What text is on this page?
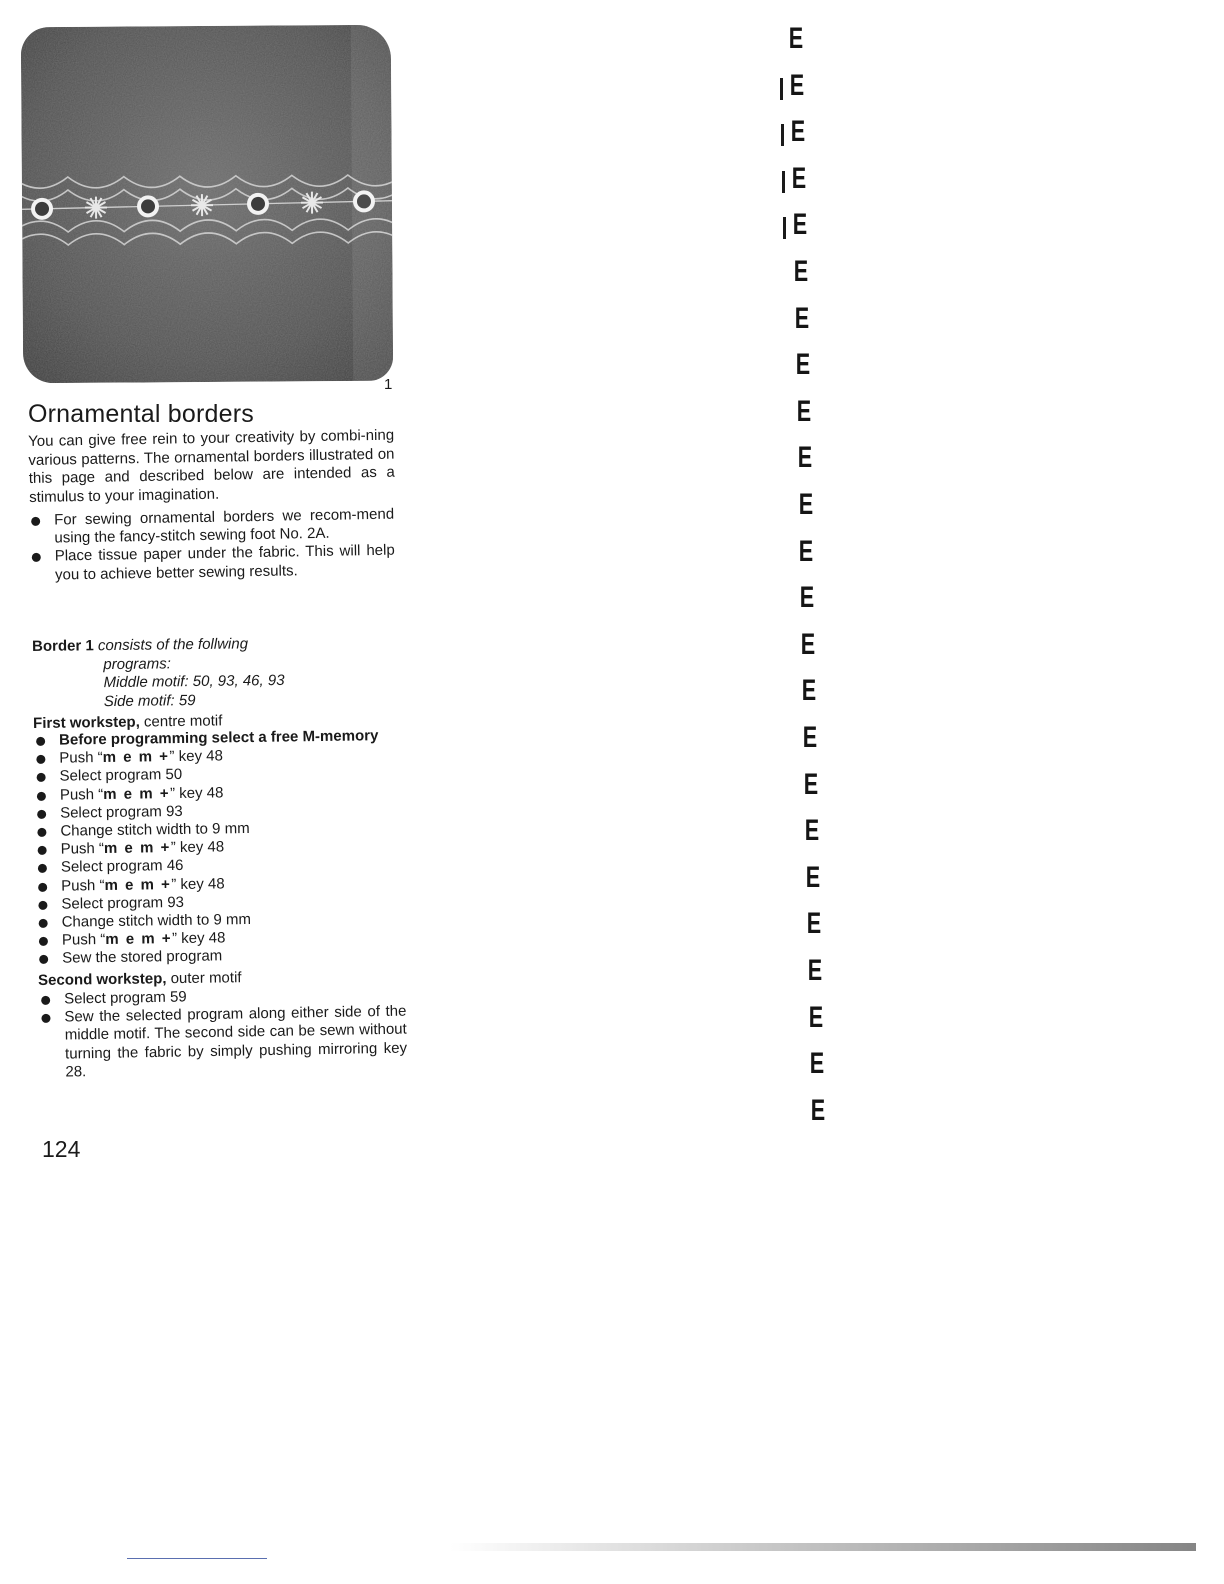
1
Ornamental borders

You can give free rein to your creativity by combi-ning various patterns. The ornamental borders illustrated on this page and described below are intended as a stimulus to your imagination.

For sewing ornamental borders we recom-mend using the fancy-stitch sewing foot No. 2A.
Place tissue paper under the fabric. This will help you to achieve better sewing results.
Border 1 consists of the follwing
programs:
Middle motif: 50, 93, 46, 93
Side motif: 59
First workstep, centre motif
Before programming select a free M-memory
Push “m e m +” key 48
Select program 50
Push “m e m +” key 48
Select program 93
Change stitch width to 9 mm
Push “m e m +” key 48
Select program 46
Push “m e m +” key 48
Select program 93
Change stitch width to 9 mm
Push “m e m +” key 48
Sew the stored program
Second workstep, outer motif
Select program 59
Sew the selected program along either side of the middle motif. The second side can be sewn without turning the fabric by simply pushing mirroring key 28.
124
E
E
E
E
E
E
E
E
E
E
E
E
E
E
E
E
E
E
E
E
E
E
E
E
